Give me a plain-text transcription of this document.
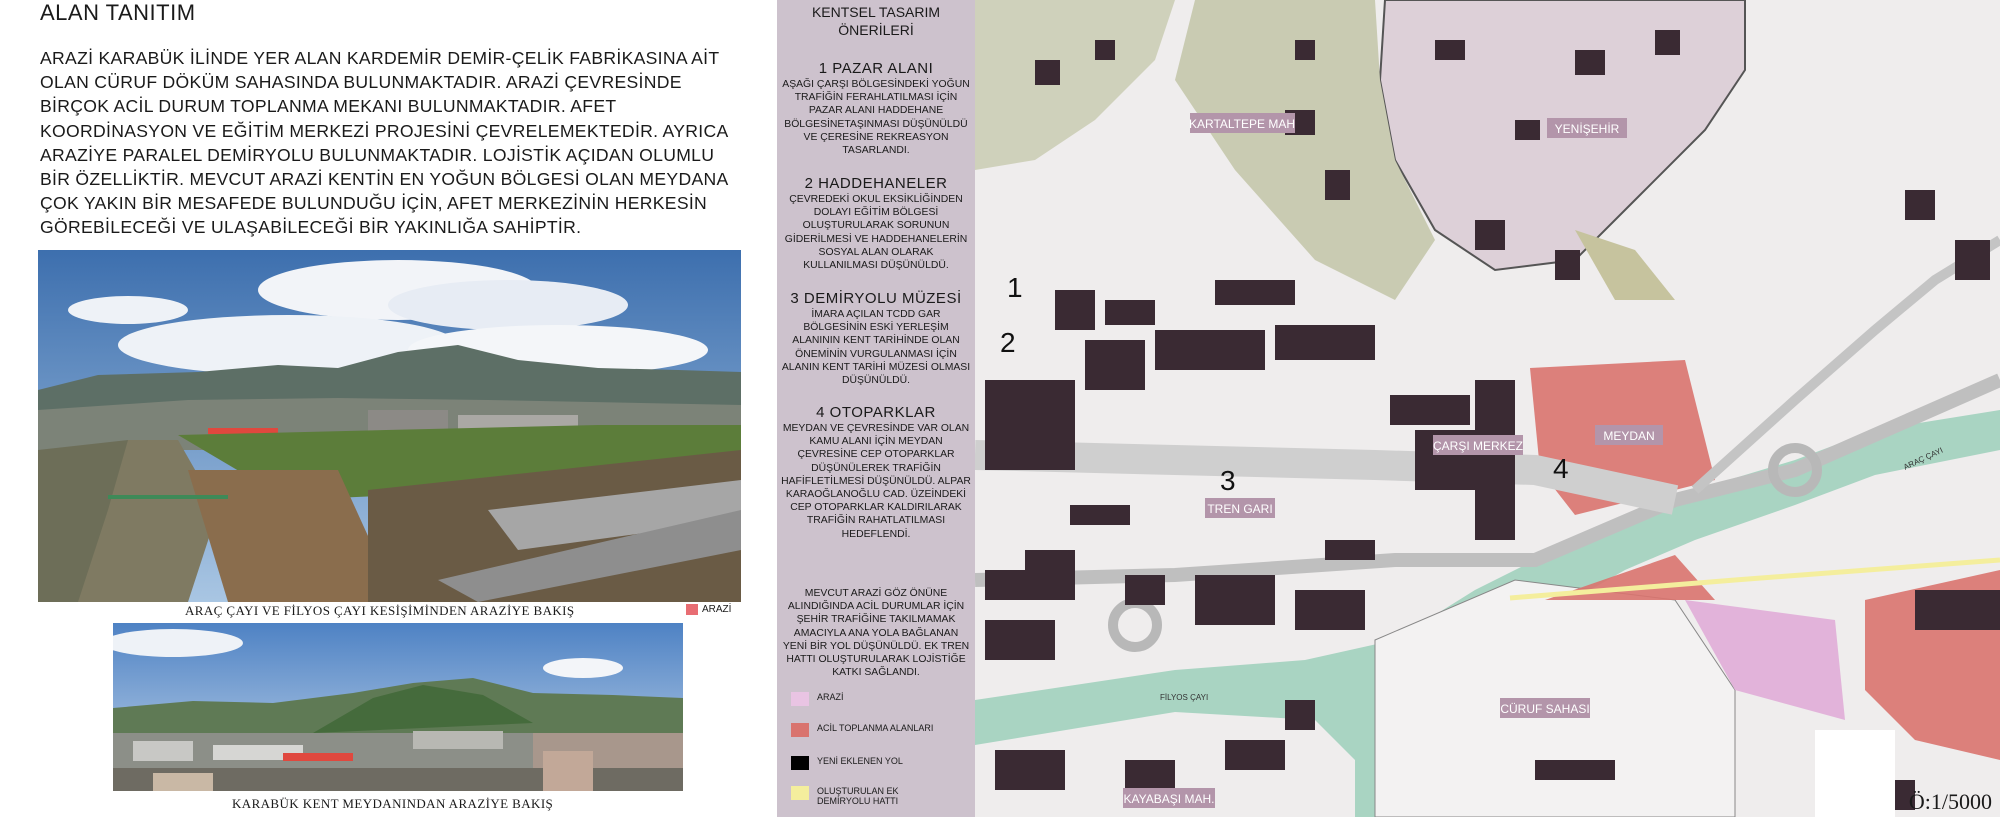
ALAN TANITIM

ARAZİ KARABÜK İLİNDE YER ALAN KARDEMİR DEMİR-ÇELİK FABRİKASINA AİT OLAN CÜRUF DÖKÜM SAHASINDA BULUNMAKTADIR. ARAZİ ÇEVRESİNDE BİRÇOK ACİL DURUM TOPLANMA MEKANI BULUNMAKTADIR. AFET KOORDİNASYON VE EĞİTİM MERKEZİ PROJESİNİ ÇEVRELEMEKTEDİR. AYRICA ARAZİYE PARALEL DEMİRYOLU BULUNMAKTADIR. LOJİSTİK AÇIDAN OLUMLU BİR ÖZELLİKTİR. MEVCUT ARAZİ KENTİN EN YOĞUN BÖLGESİ OLAN MEYDANA ÇOK YAKIN BİR MESAFEDE BULUNDUĞU İÇİN, AFET MERKEZİNİN HERKESİN GÖREBİLECEĞİ VE ULAŞABİLECEĞİ BİR YAKINLIĞA SAHİPTİR.

ARAÇ ÇAYI VE FİLYOS ÇAYI KESİŞİMİNDEN ARAZİYE BAKIŞ	ARAZİ
KARABÜK KENT MEYDANINDAN ARAZİYE BAKIŞ
KENTSEL TASARIM
ÖNERİLERİ
1 PAZAR ALANI

AŞAĞI ÇARŞI BÖLGESİNDEKİ YOĞUN TRAFİĞİN FERAHLATILMASI İÇİN PAZAR ALANI HADDEHANE BÖLGESİNETAŞINMASI DÜŞÜNÜLDÜ VE ÇERESİNE REKREASYON TASARLANDI.

2 HADDEHANELER

ÇEVREDEKİ OKUL EKSİKLİĞİNDEN DOLAYI EĞİTİM BÖLGESİ OLUŞTURULARAK SORUNUN GİDERİLMESİ VE HADDEHANELERİN SOSYAL ALAN OLARAK KULLANILMASI DÜŞÜNÜLDÜ.

3 DEMİRYOLU MÜZESİ

İMARA AÇILAN TCDD GAR BÖLGESİNİN ESKİ YERLEŞİM ALANININ KENT TARİHİNDE OLAN ÖNEMİNİN VURGULANMASI İÇİN ALANIN KENT TARİHİ MÜZESİ OLMASI DÜŞÜNÜLDÜ.

4 OTOPARKLAR

MEYDAN VE ÇEVRESİNDE VAR OLAN KAMU ALANI İÇİN MEYDAN ÇEVRESİNE CEP OTOPARKLAR DÜŞÜNÜLEREK TRAFİĞİN HAFİFLETİLMESİ DÜŞÜNÜLDÜ. ALPAR KARAOĞLANOĞLU CAD. ÜZEİNDEKİ CEP OTOPARKLAR KALDIRILARAK TRAFİĞİN RAHATLATILMASI HEDEFLENDİ.

MEVCUT ARAZİ GÖZ ÖNÜNE ALINDIĞINDA ACİL DURUMLAR İÇİN ŞEHİR TRAFİĞİNE TAKILMAMAK AMACIYLA ANA YOLA BAĞLANAN YENİ BİR YOL DÜŞÜNÜLDÜ. EK TREN HATTI OLUŞTURULARAK LOJİSTİĞE KATKI SAĞLANDI.

ARAZİ
ACİL TOPLANMA ALANLARI
YENİ EKLENEN YOL
OLUŞTURULAN EK DEMİRYOLU HATTI
KARTALTEPE MAH	YENİŞEHİR
ÇARŞI MERKEZ
MEYDAN
TREN GARI
CÜRUF SAHASI
KAYABAŞI MAH.
FİLYOS ÇAYI
ARAÇ ÇAYI
1
2
3	4
Ö:1/5000
